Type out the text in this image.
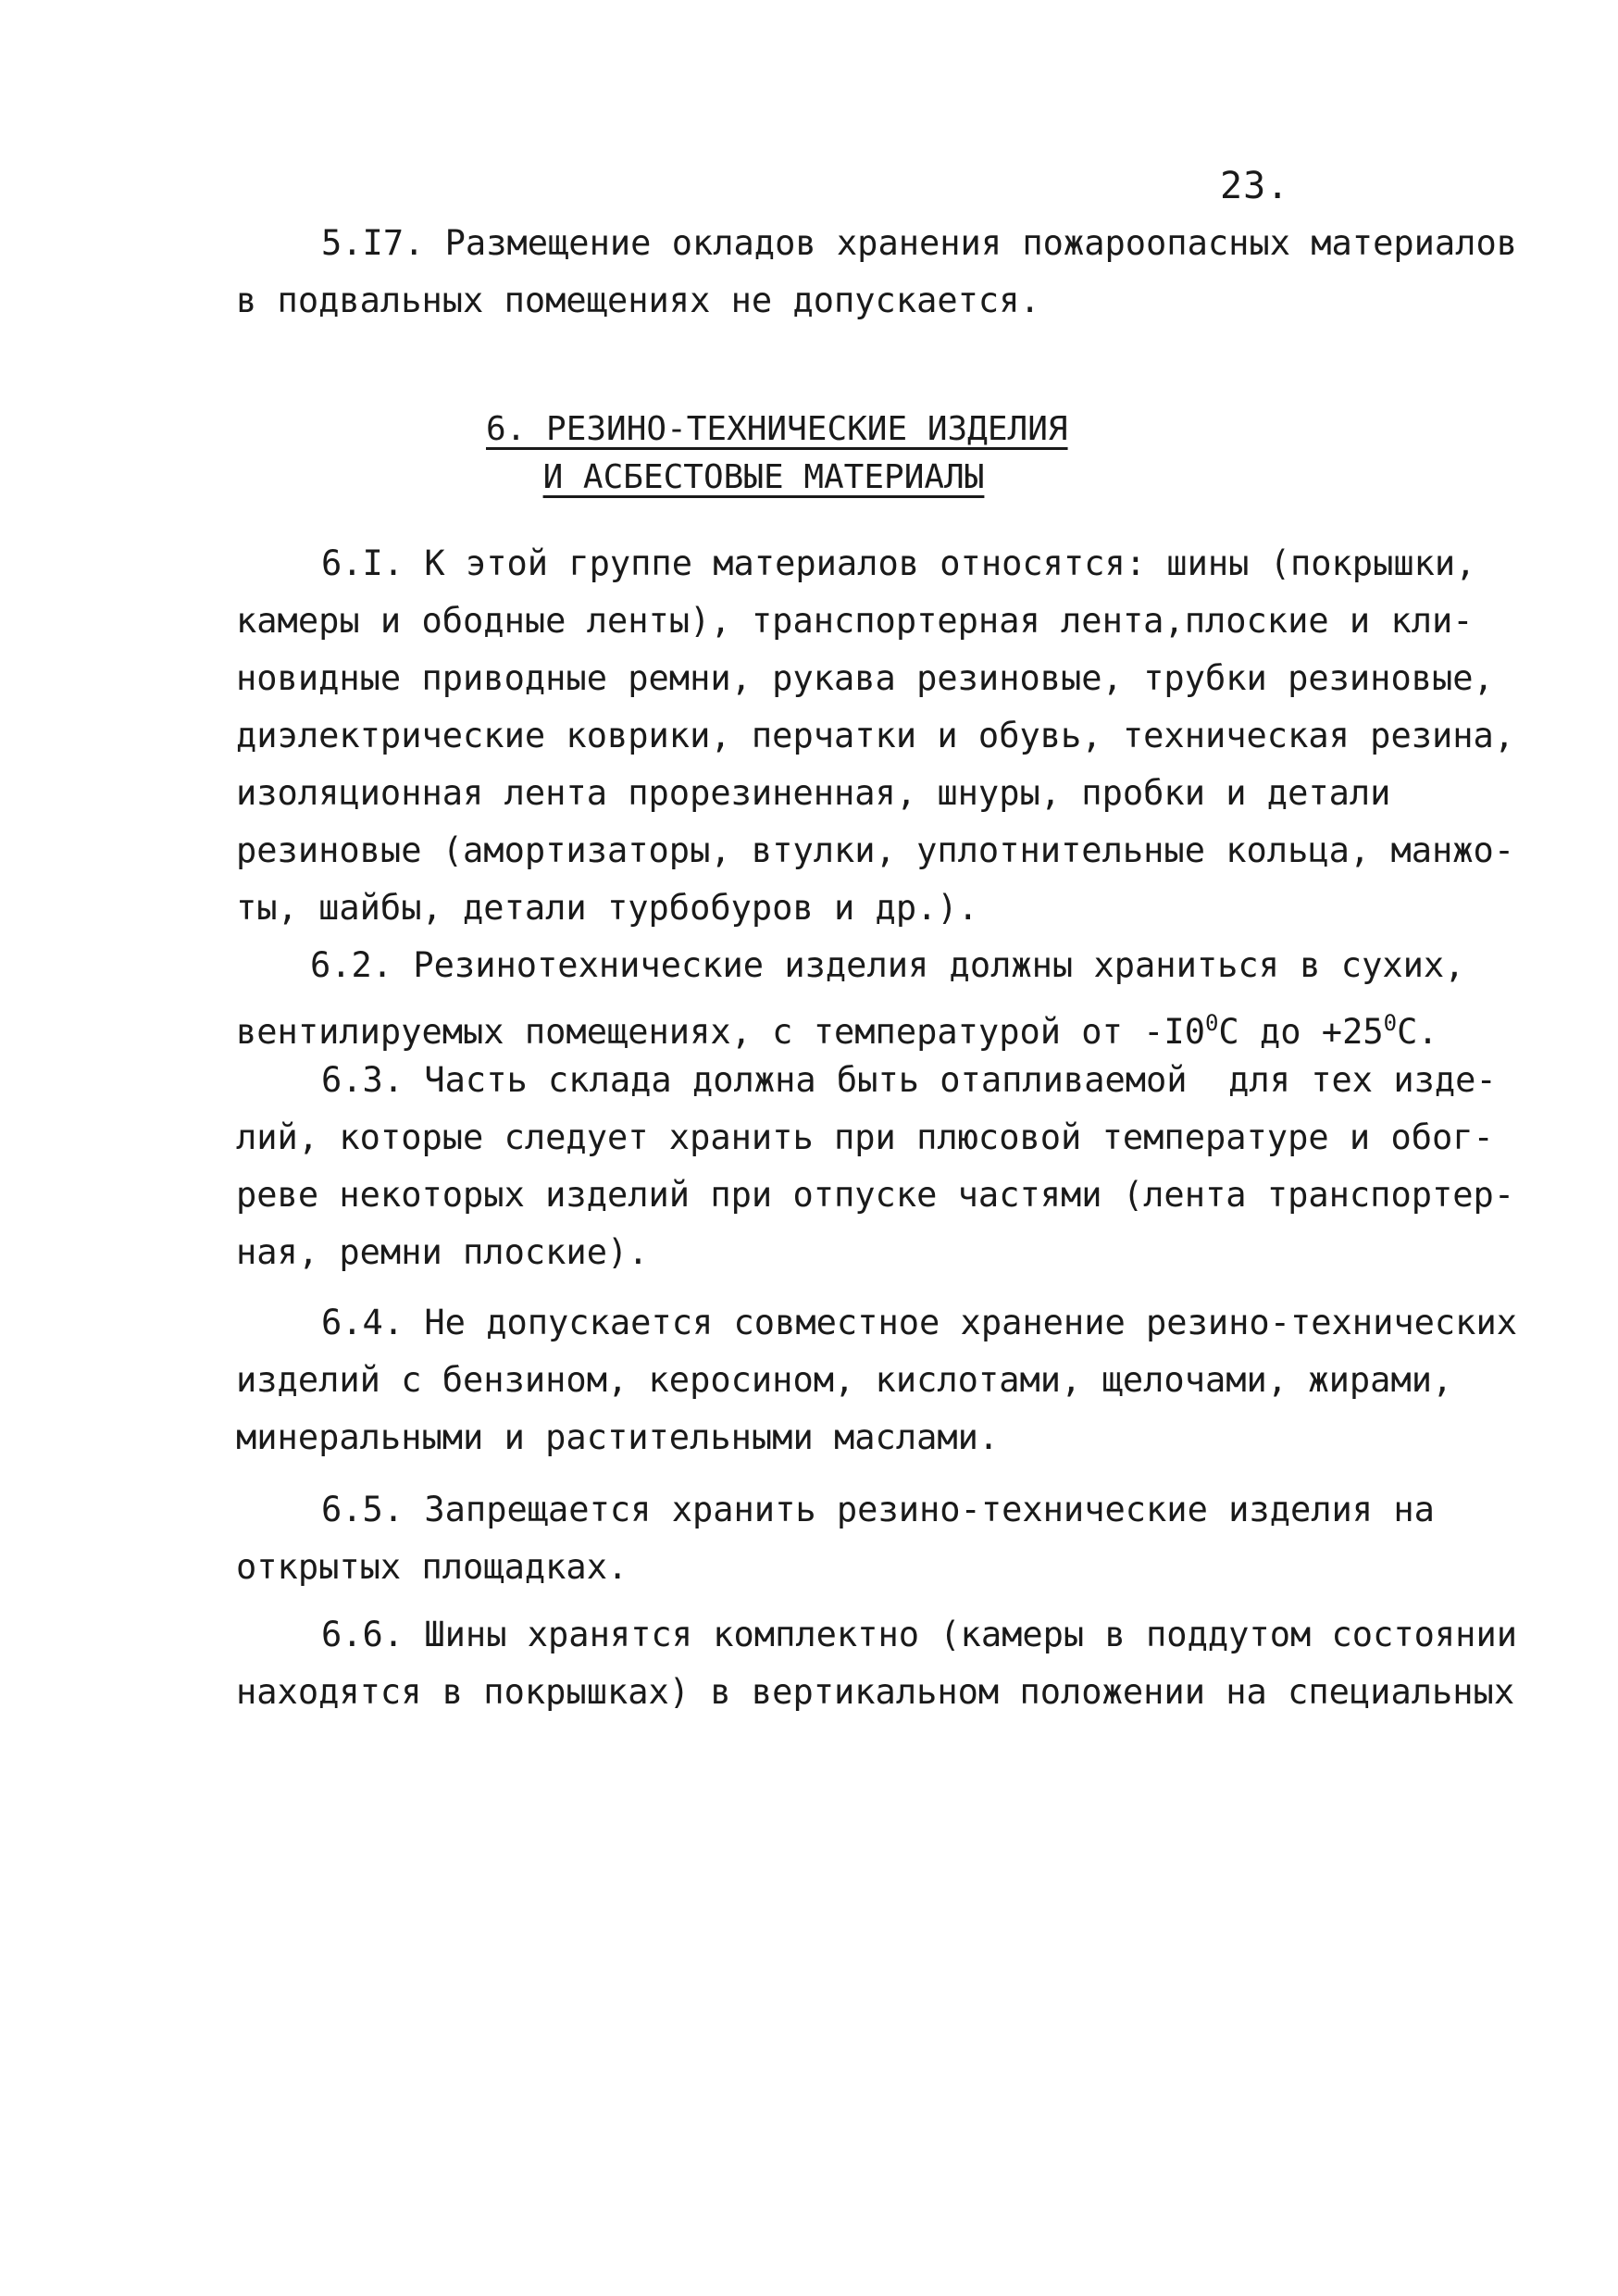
23.
5.I7. Размещение окладов хранения пожароопасных материалов
в подвальных помещениях не допускается.
6. РЕЗИНО-ТЕХНИЧЕСКИЕ ИЗДЕЛИЯ
И АСБЕСТОВЫЕ МАТЕРИАЛЫ
6.I. К этой группе материалов относятся: шины (покрышки,
камеры и ободные ленты), транспортерная лента,плоские и кли-
новидные приводные ремни, рукава резиновые, трубки резиновые,
диэлектрические коврики, перчатки и обувь, техническая резина,
изоляционная лента прорезиненная, шнуры, пробки и детали
резиновые (амортизаторы, втулки, уплотнительные кольца, манжо-
ты, шайбы, детали турбобуров и др.).
6.2. Резинотехнические изделия должны храниться в сухих,
вентилируемых помещениях, с температурой от $-I0^0С$ до $+25^0С$.
6.3. Часть склада должна быть отапливаемой  для тех изде-
лий, которые следует хранить при плюсовой температуре и обог-
реве некоторых изделий при отпуске частями (лента транспортер-
ная, ремни плоские).
6.4. Не допускается совместное хранение резино-технических
изделий с бензином, керосином, кислотами, щелочами, жирами,
минеральными и растительными маслами.
6.5. Запрещается хранить резино-технические изделия на
открытых площадках.
6.6. Шины хранятся комплектно (камеры в поддутом состоянии
находятся в покрышках) в вертикальном положении на специальных
